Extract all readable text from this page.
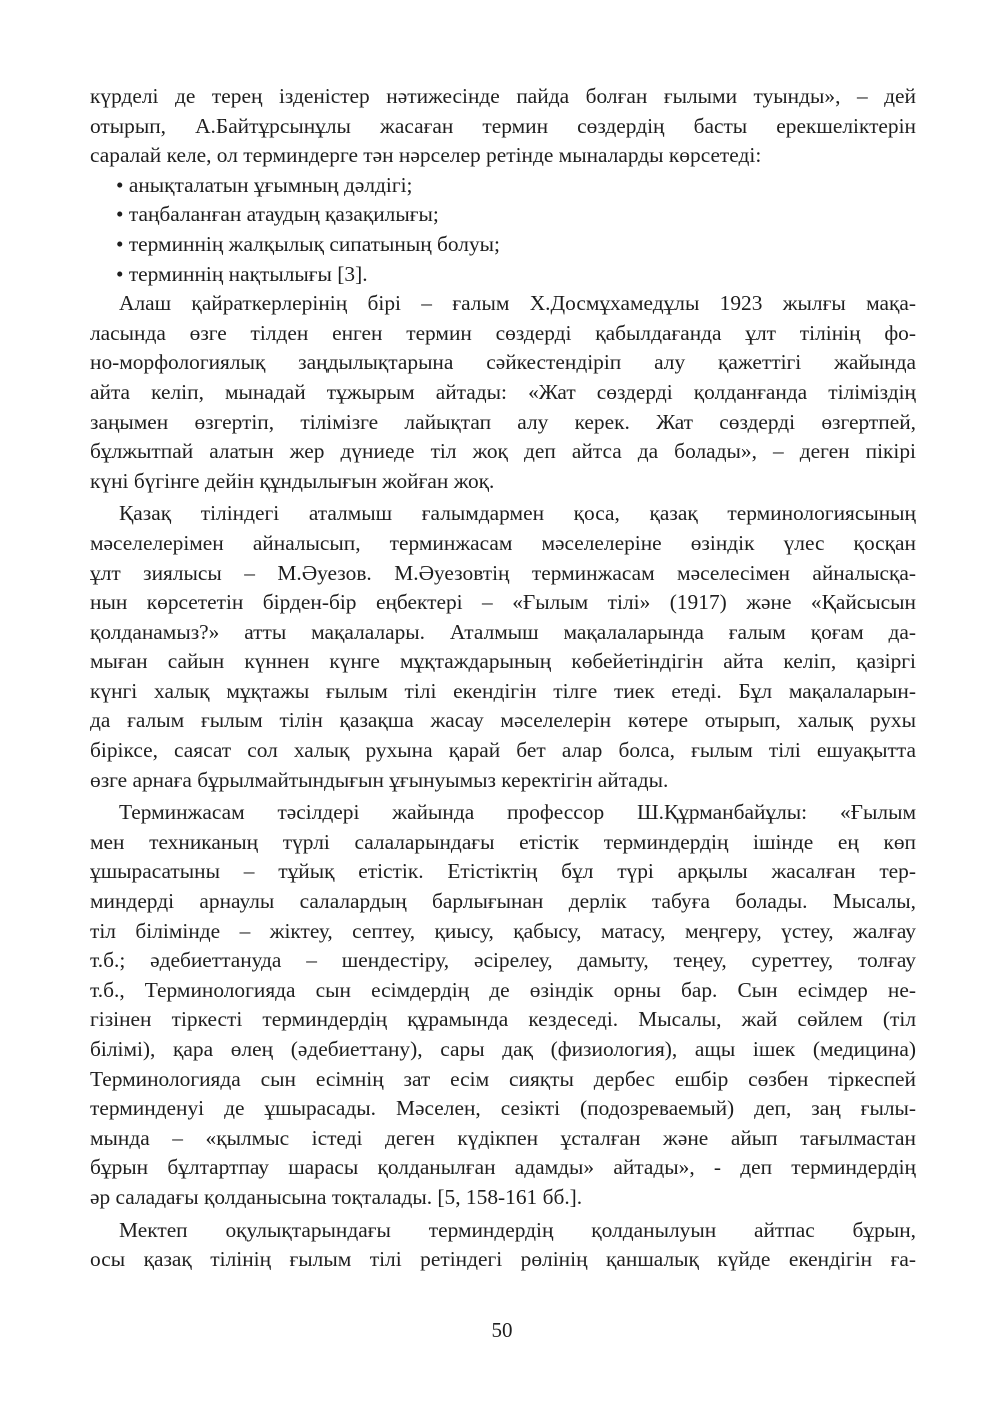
күрделі де терең ізденістер нәтижесінде пайда болған ғылыми туынды», – дей
отырып, А.Байтұрсынұлы жасаған термин сөздердің басты ерекшеліктерін
саралай келе, ол терминдерге тән нәрселер ретінде мыналарды көрсетеді:
• анықталатын ұғымның дәлдігі;
• таңбаланған атаудың қазақилығы;
• терминнің жалқылық сипатының болуы;
• терминнің нақтылығы [3].
Алаш қайраткерлерінің бірі – ғалым Х.Досмұхамедұлы 1923 жылғы мақа-
ласында өзге тілден енген термин сөздерді қабылдағанда ұлт тілінің фо-
но-морфологиялық заңдылықтарына сәйкестендіріп алу қажеттігі жайында
айта келіп, мынадай тұжырым айтады: «Жат сөздерді қолданғанда тіліміздің
заңымен өзгертіп, тілімізге лайықтап алу керек. Жат сөздерді өзгертпей,
бұлжытпай алатын жер дүниеде тіл жоқ деп айтса да болады», – деген пікірі
күні бүгінге дейін құндылығын жойған жоқ.
Қазақ тіліндегі аталмыш ғалымдармен қоса, қазақ терминологиясының
мәселелерімен айналысып, терминжасам мәселелеріне өзіндік үлес қосқан
ұлт зиялысы – М.Әуезов. М.Әуезовтің терминжасам мәселесімен айналысқа-
нын көрсететін бірден-бір еңбектері – «Ғылым тілі» (1917) және «Қайсысын
қолданамыз?» атты мақалалары. Аталмыш мақалаларында ғалым қоғам да-
мыған сайын күннен күнге мұқтаждарының көбейетіндігін айта келіп, қазіргі
күнгі халық мұқтажы ғылым тілі екендігін тілге тиек етеді. Бұл мақалаларын-
да ғалым ғылым тілін қазақша жасау мәселелерін көтере отырып, халық рухы
біріксе, саясат сол халық рухына қарай бет алар болса, ғылым тілі ешуақытта
өзге арнаға бұрылмайтындығын ұғынуымыз керектігін айтады.
Терминжасам тәсілдері жайында профессор Ш.Құрманбайұлы: «Ғылым
мен техниканың түрлі салаларындағы етістік терминдердің ішінде ең көп
ұшырасатыны – тұйық етістік. Етістіктің бұл түрі арқылы жасалған тер-
миндерді арнаулы салалардың барлығынан дерлік табуға болады. Мысалы,
тіл білімінде – жіктеу, септеу, қиысу, қабысу, матасу, меңгеру, үстеу, жалғау
т.б.; әдебиеттануда – шендестіру, әсірелеу, дамыту, теңеу, суреттеу, толғау
т.б., Терминологияда сын есімдердің де өзіндік орны бар. Сын есімдер не-
гізінен тіркесті терминдердің құрамында кездеседі. Мысалы, жай сөйлем (тіл
білімі), қара өлең (әдебиеттану), сары дақ (физиология), ащы ішек (медицина)
Терминологияда сын есімнің зат есім сияқты дербес ешбір сөзбен тіркеспей
терминденуі де ұшырасады. Мәселен, сезікті (подозреваемый) деп, заң ғылы-
мында – «қылмыс істеді деген күдікпен ұсталған және айып тағылмастан
бұрын бұлтартпау шарасы қолданылған адамды» айтады», - деп терминдердің
әр саладағы қолданысына тоқталады. [5, 158-161 бб.].
Мектеп оқулықтарындағы терминдердің қолданылуын айтпас бұрын,
осы қазақ тілінің ғылым тілі ретіндегі рөлінің қаншалық күйде екендігін ға-
50
